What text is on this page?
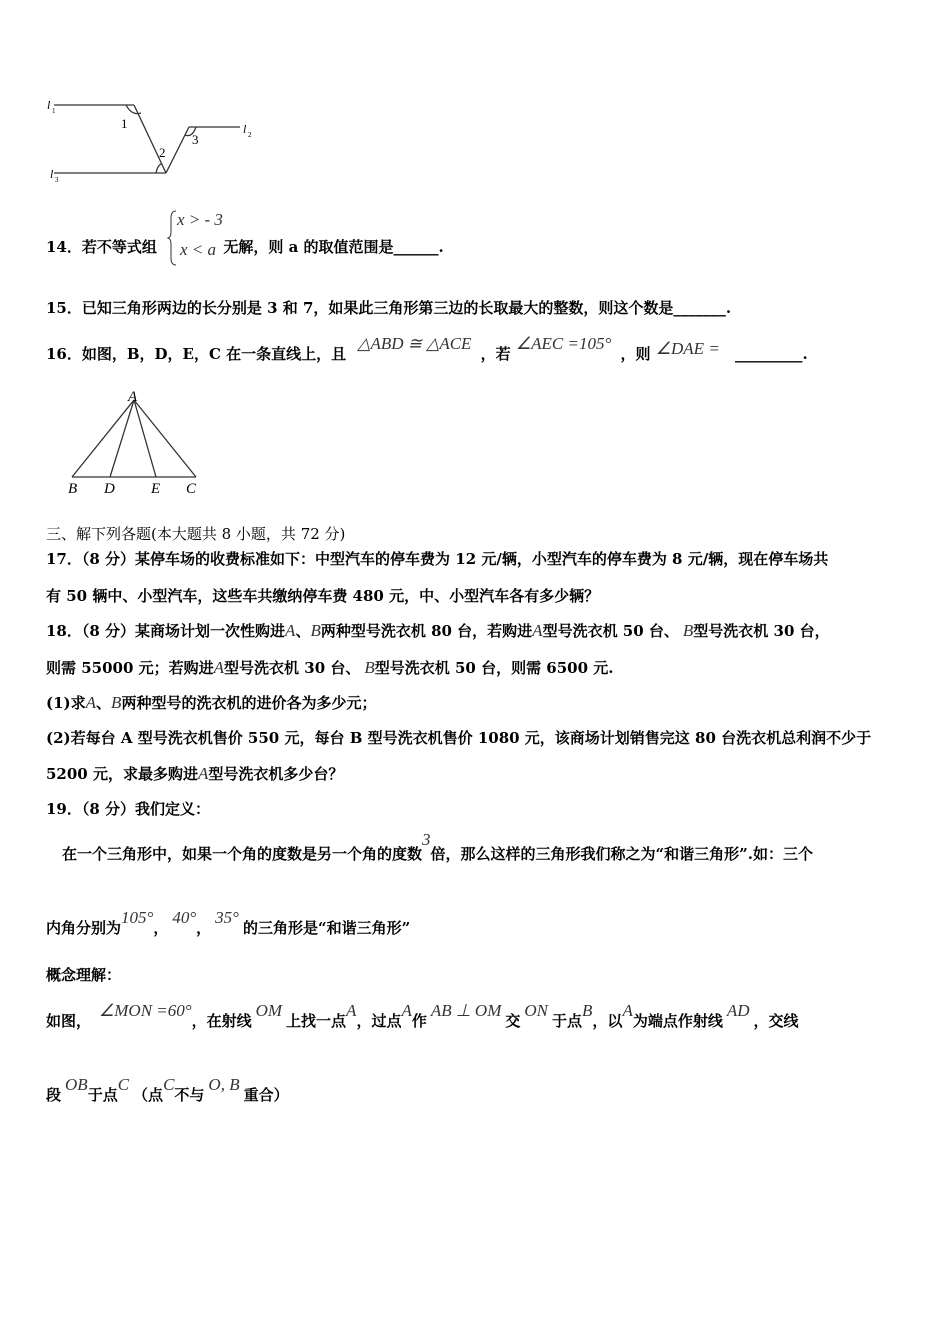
l 1
l 2
l 3
1
2
3
14．若不等式组	无解，则 a 的取值范围是______.
x > - 3
x < a
15．已知三角形两边的长分别是 3 和 7，如果此三角形第三边的长取最大的整数，则这个数是_______.
16．如图，B，D，E，C 在一条直线上，且 △ABD ≅ △ACE ，若 ∠AEC =105° ，则 ∠DAE = _________.
A
B D E C
三、解下列各题(本大题共 8 小题，共 72 分)
17．（8 分）某停车场的收费标准如下：中型汽车的停车费为 12 元/辆，小型汽车的停车费为 8 元/辆，现在停车场共
有 50 辆中、小型汽车，这些车共缴纳停车费 480 元，中、小型汽车各有多少辆？
18．（8 分）某商场计划一次性购进A、B两种型号洗衣机 80 台，若购进A型号洗衣机 50 台、 B型号洗衣机 30 台，
则需 55000 元；若购进A型号洗衣机 30 台、 B型号洗衣机 50 台，则需 6500 元.
(1)求A、B两种型号的洗衣机的进价各为多少元；
(2)若每台 A 型号洗衣机售价 550 元，每台 B 型号洗衣机售价 1080 元，该商场计划销售完这 80 台洗衣机总利润不少于
5200 元，求最多购进A型号洗衣机多少台？
19．（8 分）我们定义：
在一个三角形中，如果一个角的度数是另一个角的度数3倍，那么这样的三角形我们称之为“和谐三角形”.如：三个
内角分别为105°，40°，35°的三角形是“和谐三角形”
概念理解：
如图，∠MON =60°，在射线OM上找一点A，过点A作AB ⊥ OM交ON于点B，以A为端点作射线AD，交线
段OB于点C（点C不与O, B重合）
